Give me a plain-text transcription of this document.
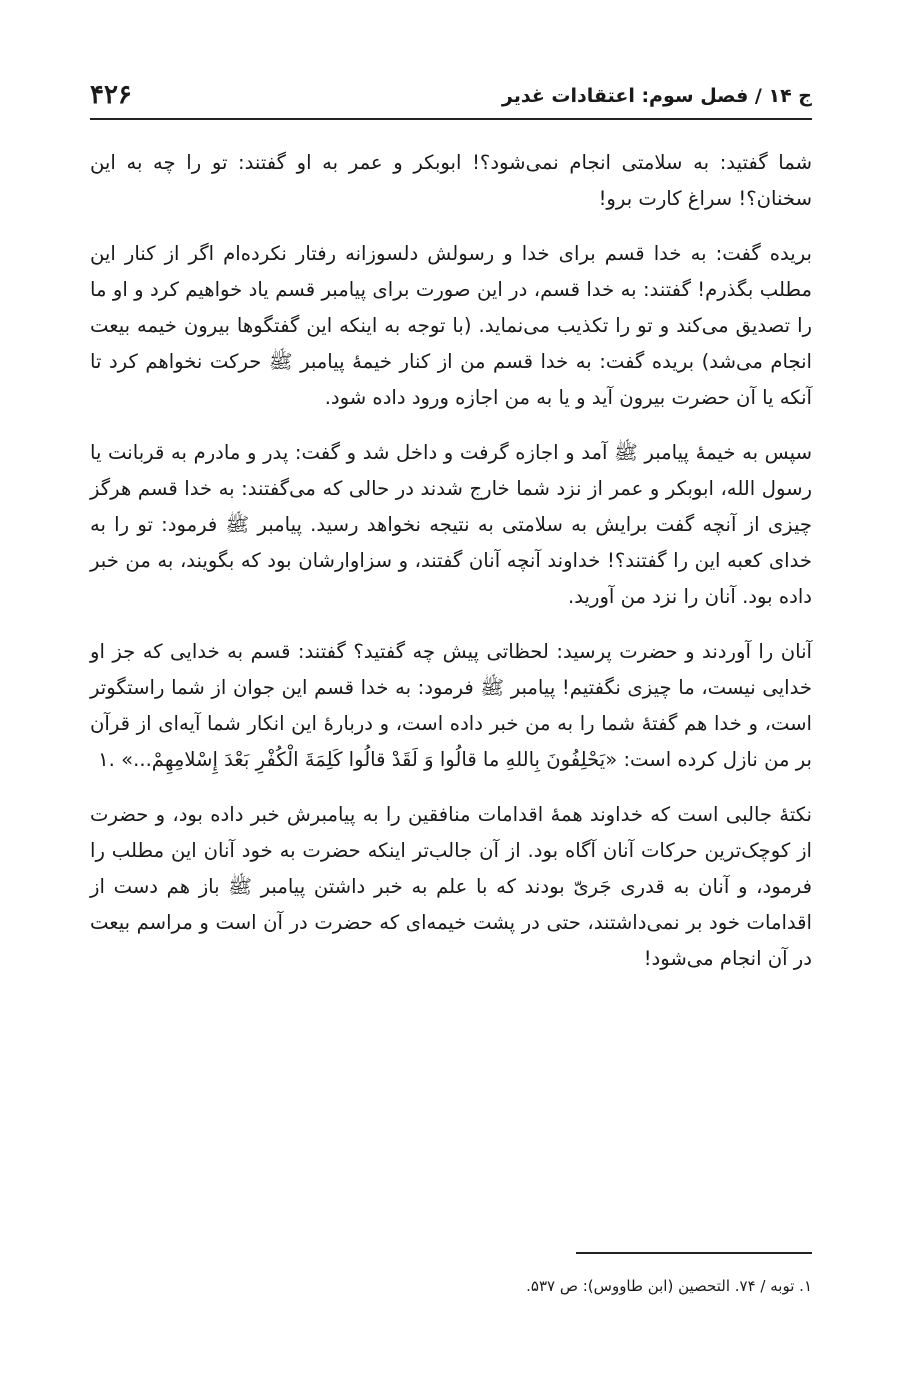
ج ۱۴ / فصل سوم: اعتقادات غدیر
۴۲۶

شما گفتید: به سلامتی انجام نمی‌شود؟! ابوبکر و عمر به او گفتند: تو را چه به این سخنان؟! سراغ کارت برو!

بریده گفت: به خدا قسم برای خدا و رسولش دلسوزانه رفتار نکرده‌ام اگر از کنار این مطلب بگذرم! گفتند: به خدا قسم، در این صورت برای پیامبر قسم یاد خواهیم کرد و او ما را تصدیق می‌کند و تو را تکذیب می‌نماید. (با توجه به اینکه این گفتگوها بیرون خیمه بیعت انجام می‌شد) بریده گفت: به خدا قسم من از کنار خیمهٔ پیامبر ﷺ حرکت نخواهم کرد تا آنکه یا آن حضرت بیرون آید و یا به من اجازه ورود داده شود.

سپس به خیمهٔ پیامبر ﷺ آمد و اجازه گرفت و داخل شد و گفت: پدر و مادرم به قربانت یا رسول الله، ابوبکر و عمر از نزد شما خارج شدند در حالی که می‌گفتند: به خدا قسم هرگز چیزی از آنچه گفت برایش به سلامتی به نتیجه نخواهد رسید. پیامبر ﷺ فرمود: تو را به خدای کعبه این را گفتند؟! خداوند آنچه آنان گفتند، و سزاوارشان بود که بگویند، به من خبر داده بود. آنان را نزد من آورید.

آنان را آوردند و حضرت پرسید: لحظاتی پیش چه گفتید؟ گفتند: قسم به خدایی که جز او خدایی نیست، ما چیزی نگفتیم! پیامبر ﷺ فرمود: به خدا قسم این جوان از شما راستگوتر است، و خدا هم گفتهٔ شما را به من خبر داده است، و دربارهٔ این انکار شما آیه‌ای از قرآن بر من نازل کرده است: «یَحْلِفُونَ بِاللهِ ما قالُوا وَ لَقَدْ قالُوا کَلِمَةَ الْکُفْرِ بَعْدَ إِسْلامِهِمْ...» .۱

نکتهٔ جالبی است که خداوند همهٔ اقدامات منافقین را به پیامبرش خبر داده بود، و حضرت از کوچک‌ترین حرکات آنان آگاه بود. از آن جالب‌تر اینکه حضرت به خود آنان این مطلب را فرمود، و آنان به قدری جَریّ بودند که با علم به خبر داشتن پیامبر ﷺ باز هم دست از اقدامات خود بر نمی‌داشتند، حتی در پشت خیمه‌ای که حضرت در آن است و مراسم بیعت در آن انجام می‌شود!

۱. توبه / ۷۴. التحصین (ابن طاووس): ص ۵۳۷.
